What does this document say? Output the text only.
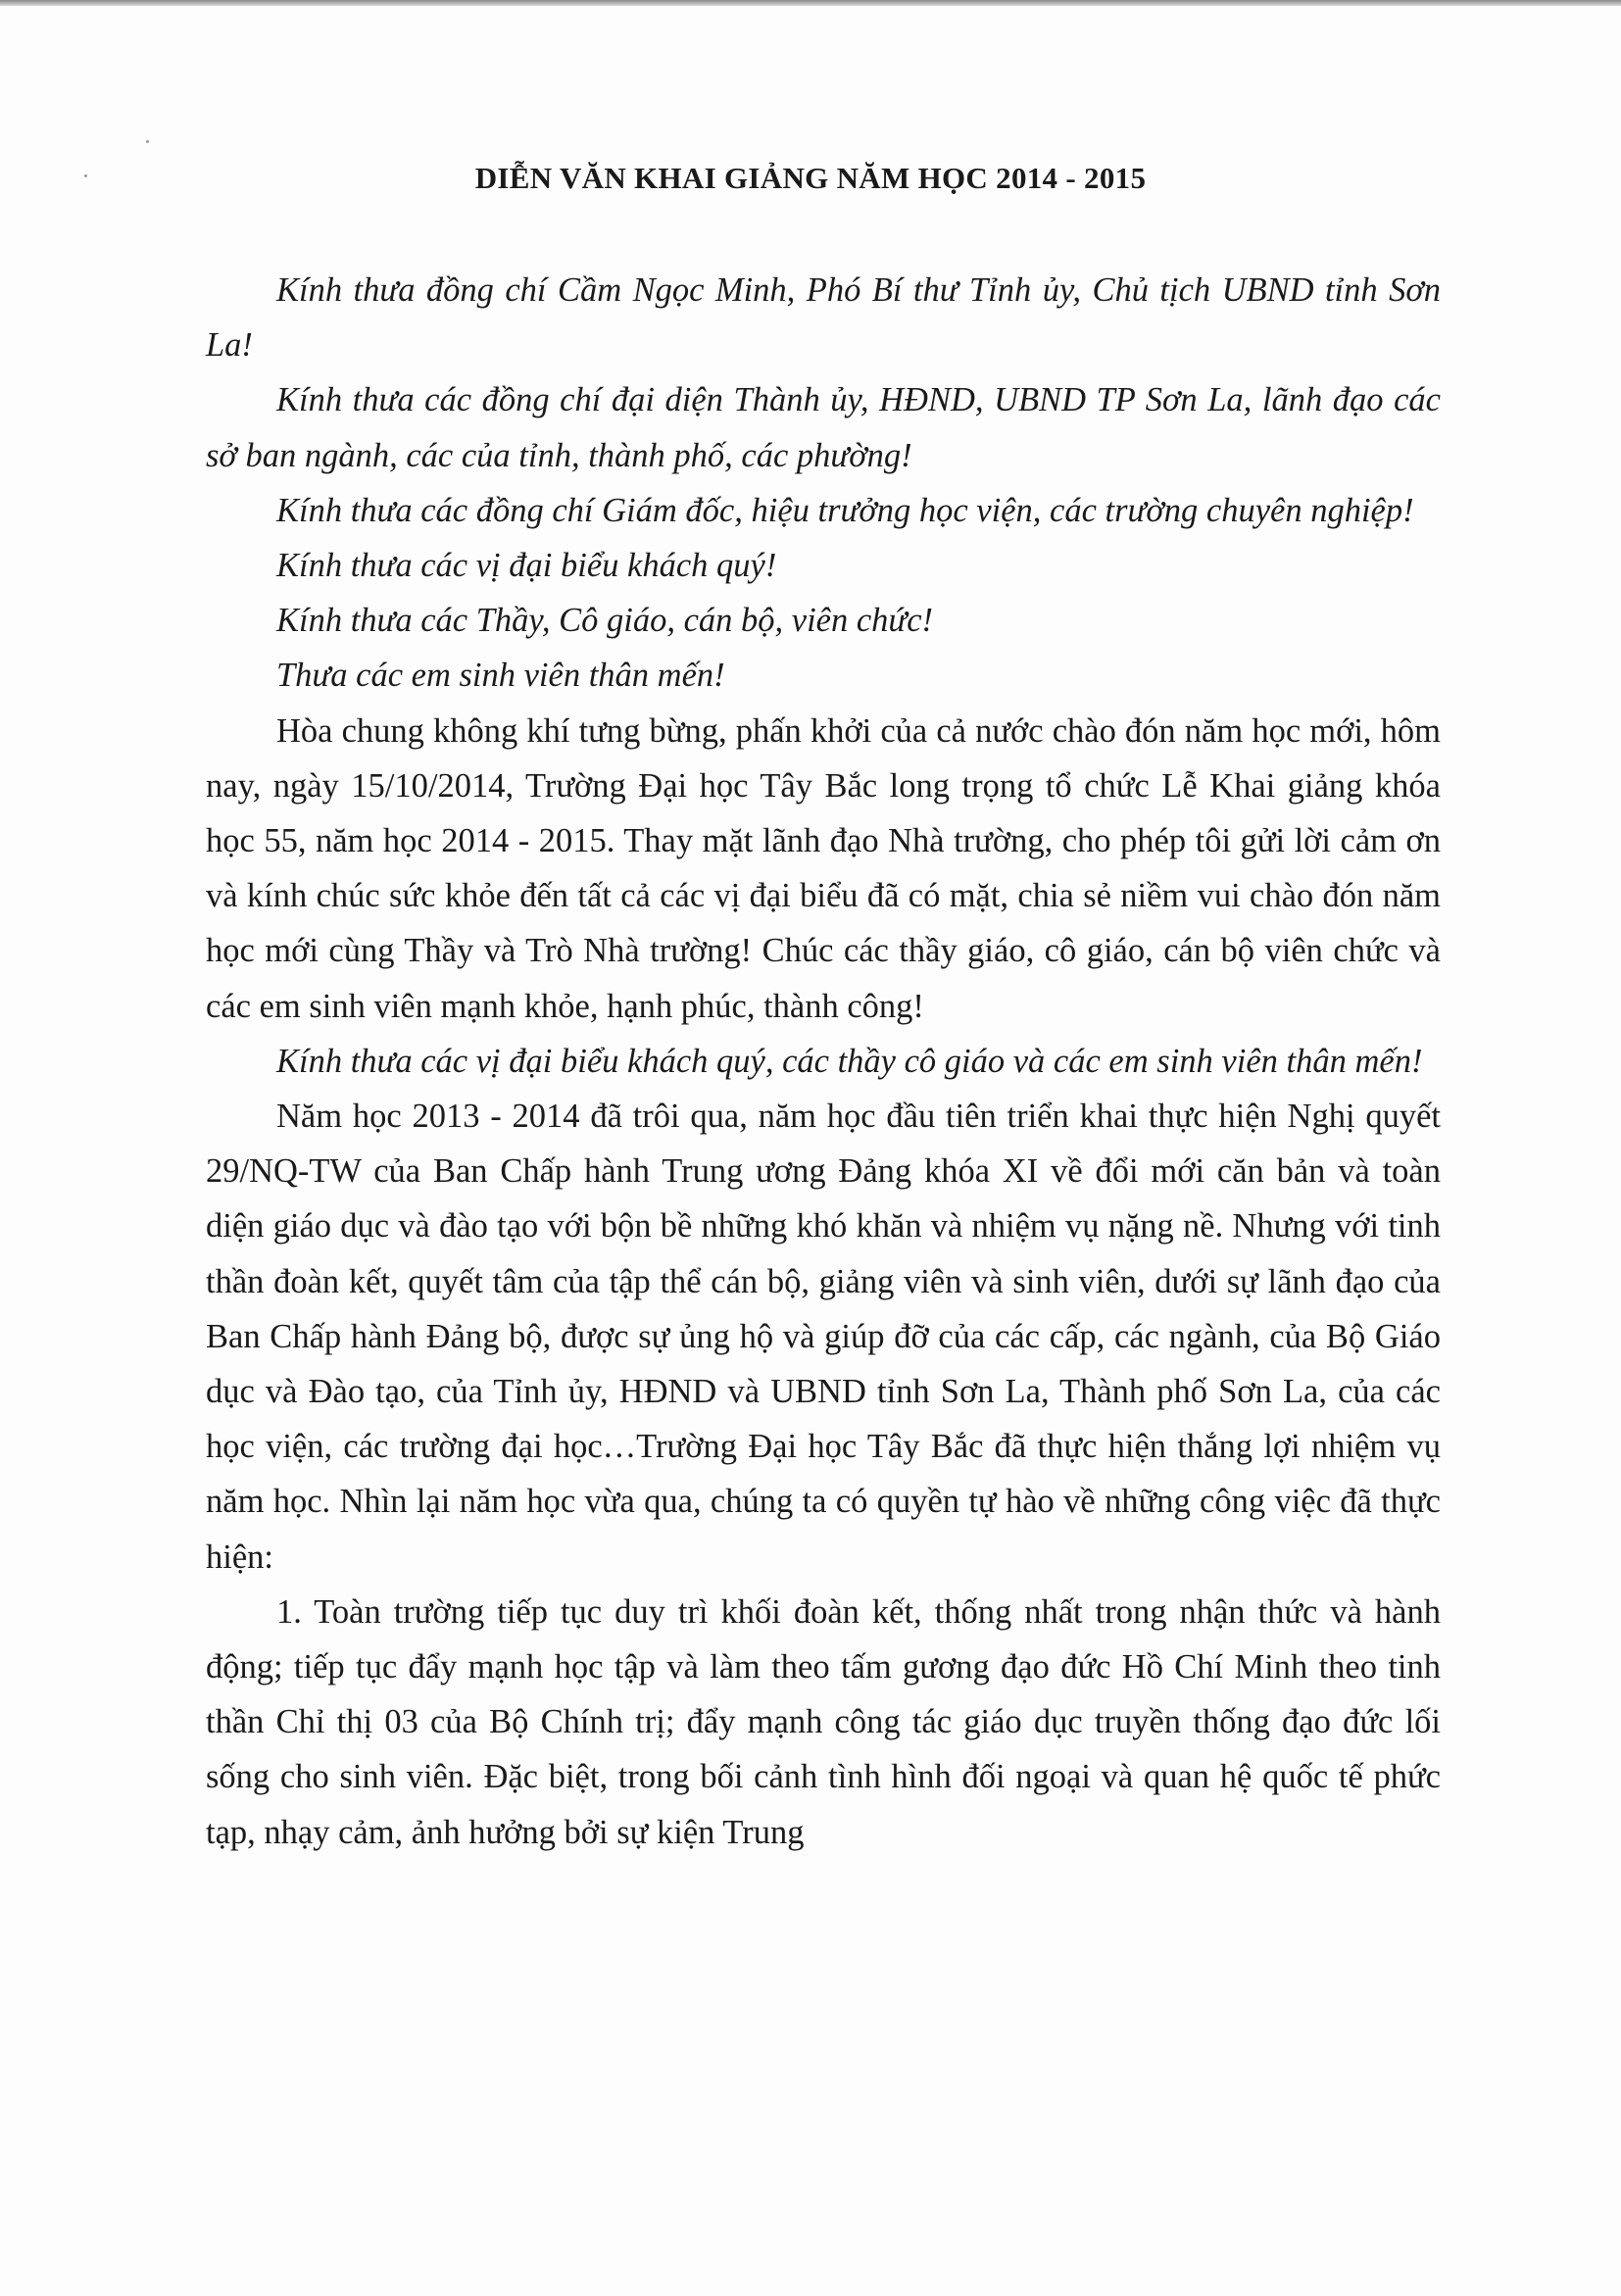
DIỄN VĂN KHAI GIẢNG NĂM HỌC 2014 - 2015

Kính thưa đồng chí Cầm Ngọc Minh, Phó Bí thư Tỉnh ủy, Chủ tịch UBND tỉnh Sơn La!

Kính thưa các đồng chí đại diện Thành ủy, HĐND, UBND TP Sơn La, lãnh đạo các sở ban ngành, các của tỉnh, thành phố, các phường!

Kính thưa các đồng chí Giám đốc, hiệu trưởng học viện, các trường chuyên nghiệp!

Kính thưa các vị đại biểu khách quý!

Kính thưa các Thầy, Cô giáo, cán bộ, viên chức!

Thưa các em sinh viên thân mến!

Hòa chung không khí tưng bừng, phấn khởi của cả nước chào đón năm học mới, hôm nay, ngày 15/10/2014, Trường Đại học Tây Bắc long trọng tổ chức Lễ Khai giảng khóa học 55, năm học 2014 - 2015. Thay mặt lãnh đạo Nhà trường, cho phép tôi gửi lời cảm ơn và kính chúc sức khỏe đến tất cả các vị đại biểu đã có mặt, chia sẻ niềm vui chào đón năm học mới cùng Thầy và Trò Nhà trường! Chúc các thầy giáo, cô giáo, cán bộ viên chức và các em sinh viên mạnh khỏe, hạnh phúc, thành công!

Kính thưa các vị đại biểu khách quý, các thầy cô giáo và các em sinh viên thân mến!

Năm học 2013 - 2014 đã trôi qua, năm học đầu tiên triển khai thực hiện Nghị quyết 29/NQ-TW của Ban Chấp hành Trung ương Đảng khóa XI về đổi mới căn bản và toàn diện giáo dục và đào tạo với bộn bề những khó khăn và nhiệm vụ nặng nề. Nhưng với tinh thần đoàn kết, quyết tâm của tập thể cán bộ, giảng viên và sinh viên, dưới sự lãnh đạo của Ban Chấp hành Đảng bộ, được sự ủng hộ và giúp đỡ của các cấp, các ngành, của Bộ Giáo dục và Đào tạo, của Tỉnh ủy, HĐND và UBND tỉnh Sơn La, Thành phố Sơn La, của các học viện, các trường đại học…Trường Đại học Tây Bắc đã thực hiện thắng lợi nhiệm vụ năm học. Nhìn lại năm học vừa qua, chúng ta có quyền tự hào về những công việc đã thực hiện:

1. Toàn trường tiếp tục duy trì khối đoàn kết, thống nhất trong nhận thức và hành động; tiếp tục đẩy mạnh học tập và làm theo tấm gương đạo đức Hồ Chí Minh theo tinh thần Chỉ thị 03 của Bộ Chính trị; đẩy mạnh công tác giáo dục truyền thống đạo đức lối sống cho sinh viên. Đặc biệt, trong bối cảnh tình hình đối ngoại và quan hệ quốc tế phức tạp, nhạy cảm, ảnh hưởng bởi sự kiện Trung
